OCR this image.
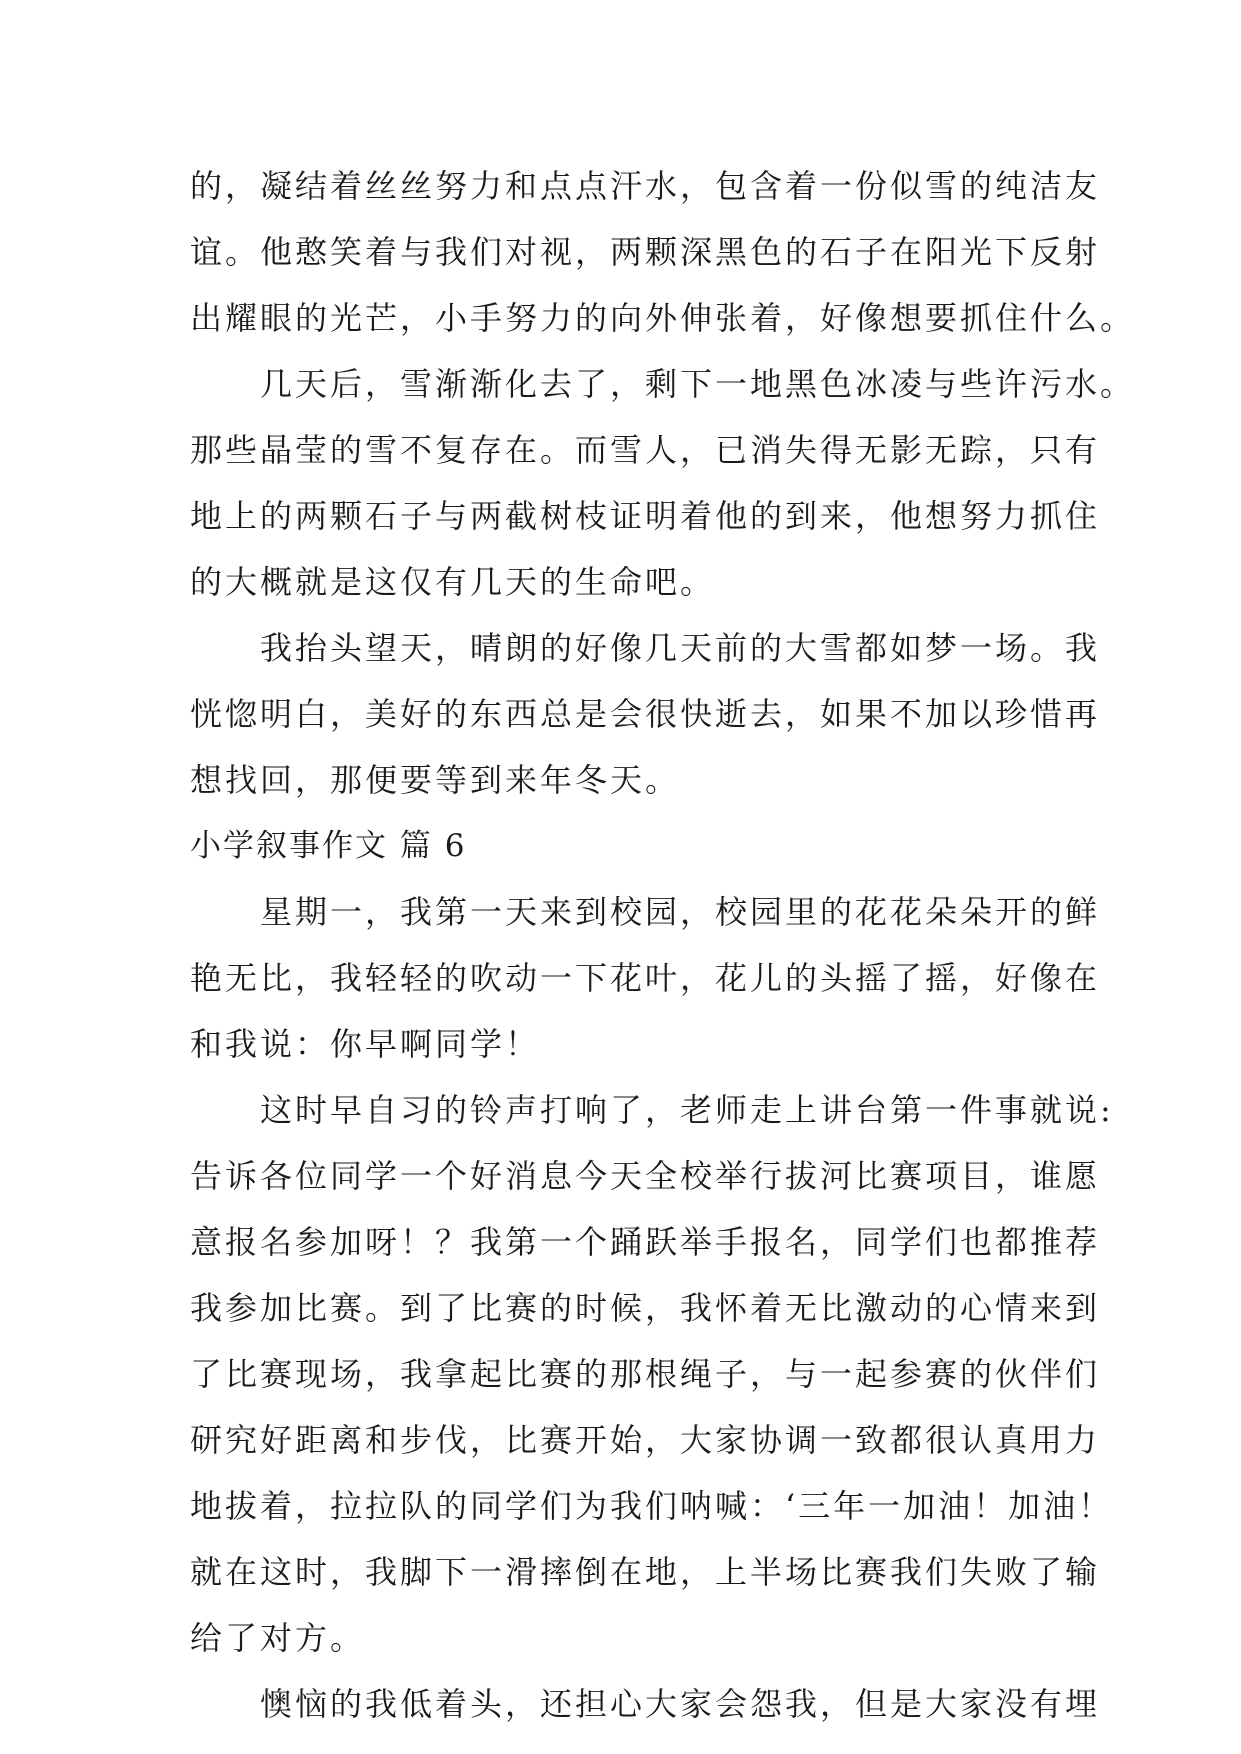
的，凝结着丝丝努力和点点汗水，包含着一份似雪的纯洁友
谊。他憨笑着与我们对视，两颗深黑色的石子在阳光下反射
出耀眼的光芒，小手努力的向外伸张着，好像想要抓住什么。
几天后，雪渐渐化去了，剩下一地黑色冰凌与些许污水。
那些晶莹的雪不复存在。而雪人，已消失得无影无踪，只有
地上的两颗石子与两截树枝证明着他的到来，他想努力抓住
的大概就是这仅有几天的生命吧。
我抬头望天，晴朗的好像几天前的大雪都如梦一场。我
恍惚明白，美好的东西总是会很快逝去，如果不加以珍惜再
想找回，那便要等到来年冬天。
小学叙事作文 篇 6
星期一，我第一天来到校园，校园里的花花朵朵开的鲜
艳无比，我轻轻的吹动一下花叶，花儿的头摇了摇，好像在
和我说：你早啊同学！
这时早自习的铃声打响了，老师走上讲台第一件事就说:
告诉各位同学一个好消息今天全校举行拔河比赛项目，谁愿
意报名参加呀！？我第一个踊跃举手报名，同学们也都推荐
我参加比赛。到了比赛的时候，我怀着无比激动的心情来到
了比赛现场，我拿起比赛的那根绳子，与一起参赛的伙伴们
研究好距离和步伐，比赛开始，大家协调一致都很认真用力
地拔着，拉拉队的同学们为我们呐喊：‘三年一加油！加油！
就在这时，我脚下一滑摔倒在地，上半场比赛我们失败了输
给了对方。
懊恼的我低着头，还担心大家会怨我，但是大家没有埋
